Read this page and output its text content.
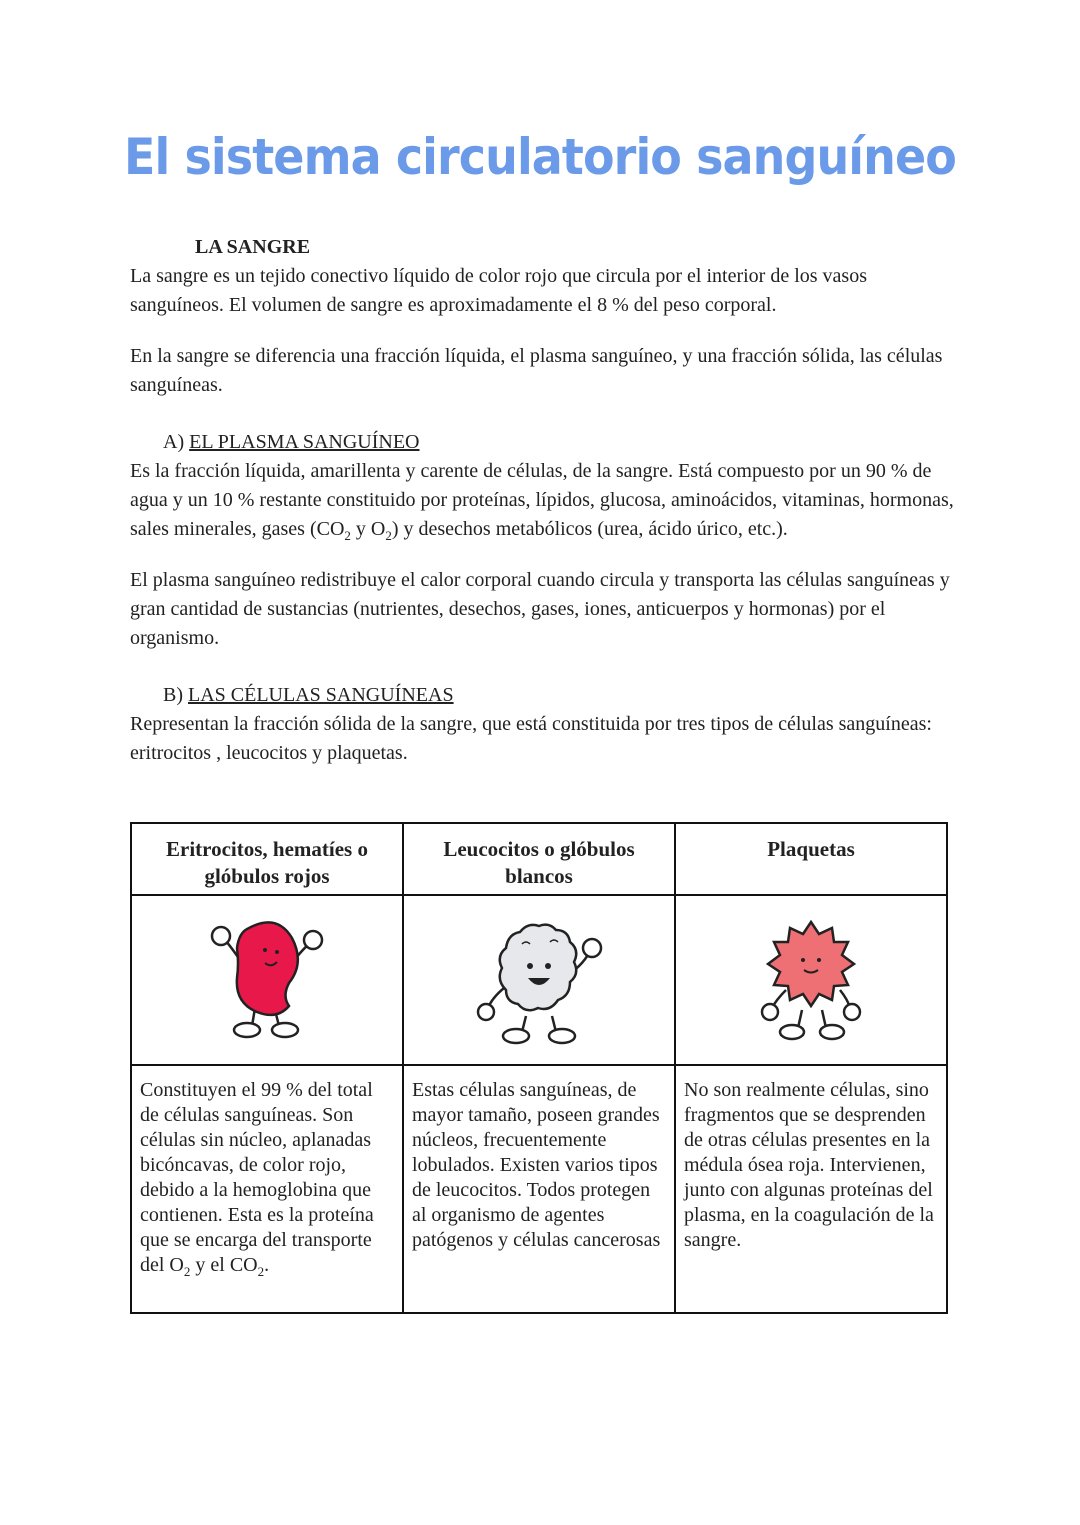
El sistema circulatorio sanguíneo
LA SANGRE

La sangre es un tejido conectivo líquido de color rojo que circula por el interior de los vasos sanguíneos. El volumen de sangre es aproximadamente el 8 % del peso corporal.

En la sangre se diferencia una fracción líquida, el plasma sanguíneo, y una fracción sólida, las células sanguíneas.

A) EL PLASMA SANGUÍNEO

Es la fracción líquida, amarillenta y carente de células, de la sangre. Está compuesto por un 90 % de agua y un 10 % restante constituido por proteínas, lípidos, glucosa, aminoácidos, vitaminas, hormonas, sales minerales, gases ($CO_2$ y $O_2$) y desechos metabólicos (urea, ácido úrico, etc.).

El plasma sanguíneo redistribuye el calor corporal cuando circula y transporta las células sanguíneas y gran cantidad de sustancias (nutrientes, desechos, gases, iones, anticuerpos y hormonas) por el organismo.

B) LAS CÉLULAS SANGUÍNEAS

Representan la fracción sólida de la sangre, que está constituida por tres tipos de células sanguíneas: eritrocitos , leucocitos y plaquetas.

Eritrocitos, hematíes o glóbulos rojos	Leucocitos o glóbulos blancos	Plaquetas

Constituyen el 99 % del total de células sanguíneas. Son células sin núcleo, aplanadas bicóncavas, de color rojo, debido a la hemoglobina que contienen. Esta es la proteína que se encarga del transporte del $O_2$ y el $CO_2$.	Estas células sanguíneas, de mayor tamaño, poseen grandes núcleos, frecuentemente lobulados. Existen varios tipos de leucocitos. Todos protegen al organismo de agentes patógenos y células cancerosas	No son realmente células, sino fragmentos que se desprenden de otras células presentes en la médula ósea roja. Intervienen, junto con algunas proteínas del plasma, en la coagulación de la sangre.
